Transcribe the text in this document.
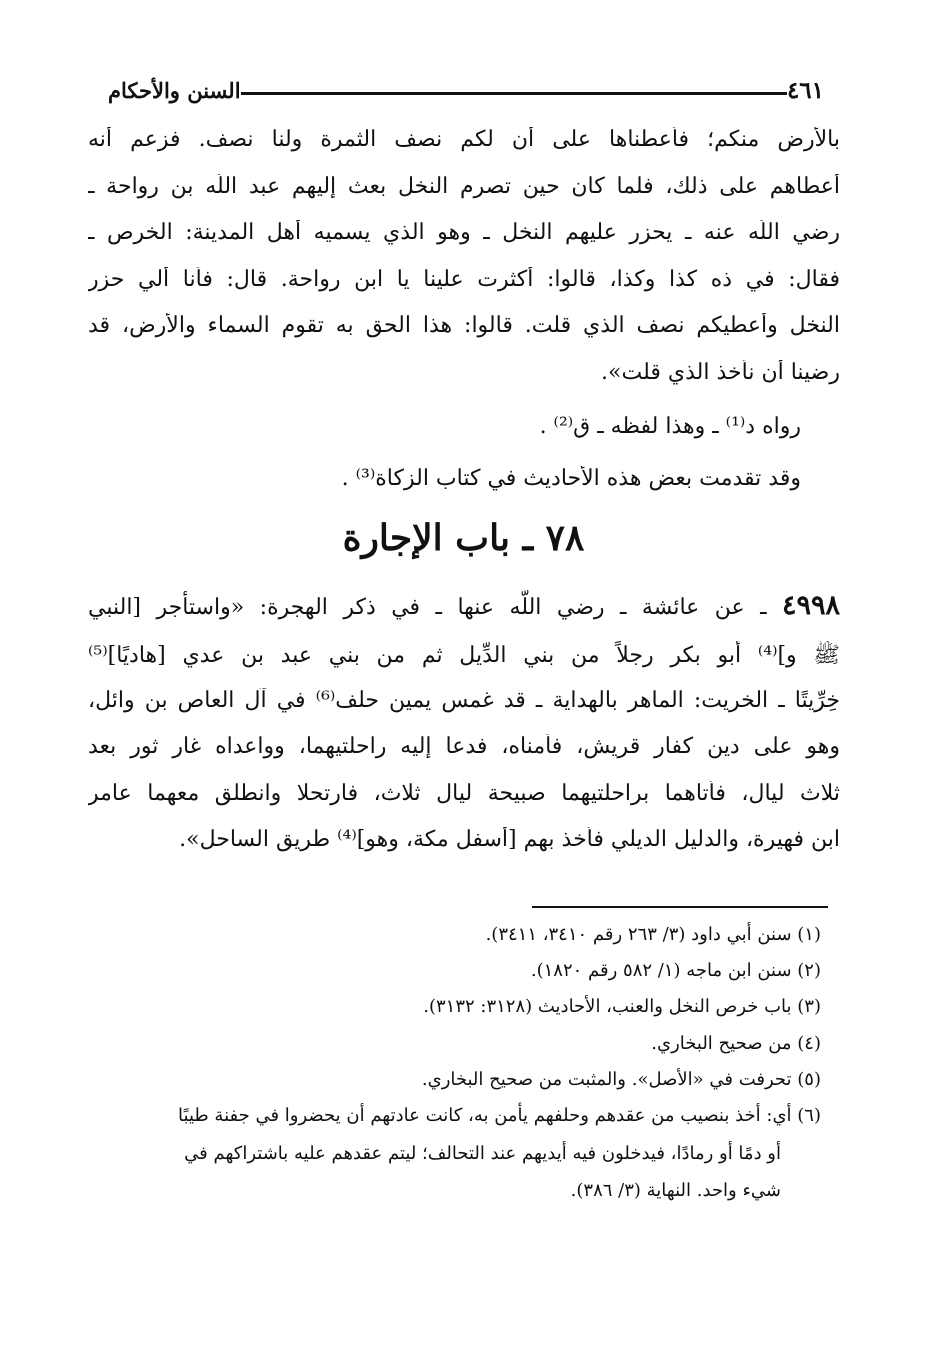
السنن والأحكام	٤٦١
بالأرض منكم؛ فأعطناها على أن لكم نصف الثمرة ولنا نصف. فزعم أنه
أعطاهم على ذلك، فلما كان حين تصرم النخل بعث إليهم عبد اللّه بن رواحة ـ
رضي اللّه عنه ـ يحزر عليهم النخل ـ وهو الذي يسميه أهل المدينة: الخرص ـ
فقال: في ذه كذا وكذا، قالوا: أكثرت علينا يا ابن رواحة. قال: فأنا ألي حزر
النخل وأعطيكم نصف الذي قلت. قالوا: هذا الحق به تقوم السماء والأرض، قد
رضينا أن نأخذ الذي قلت».
رواه د⁽¹⁾ ـ وهذا لفظه ـ ق⁽²⁾ .
وقد تقدمت بعض هذه الأحاديث في كتاب الزكاة⁽³⁾ .
٧٨ ـ باب الإجارة
٤٩٩٨ ـ عن عائشة ـ رضي اللّه عنها ـ في ذكر الهجرة: «واستأجر [النبي
ﷺ و]⁽⁴⁾ أبو بكر رجلاً من بني الدِّيل ثم من بني عبد بن عدي [هاديًا]⁽⁵⁾
خِرِّيتًا ـ الخريت: الماهر بالهداية ـ قد غمس يمين حلف⁽⁶⁾ في آل العاص بن وائل،
وهو على دين كفار قريش، فأمناه، فدعا إليه راحلتيهما، وواعداه غار ثور بعد
ثلاث ليال، فأتاهما براحلتيهما صبيحة ليال ثلاث، فارتحلا وانطلق معهما عامر
ابن فهيرة، والدليل الديلي فأخذ بهم [أسفل مكة، وهو]⁽⁴⁾ طريق الساحل».
(١) سنن أبي داود (٣/ ٢٦٣ رقم ٣٤١٠، ٣٤١١).
(٢) سنن ابن ماجه (١/ ٥٨٢ رقم ١٨٢٠).
(٣) باب خرص النخل والعنب، الأحاديث (٣١٢٨: ٣١٣٢).
(٤) من صحيح البخاري.
(٥) تحرفت في «الأصل». والمثبت من صحيح البخاري.
(٦) أي: أخذ بنصيب من عقدهم وحلفهم يأمن به، كانت عادتهم أن يحضروا في جفنة طيبًا
أو دمًا أو رمادًا، فيدخلون فيه أيديهم عند التحالف؛ ليتم عقدهم عليه باشتراكهم في
شيء واحد. النهاية (٣/ ٣٨٦).
